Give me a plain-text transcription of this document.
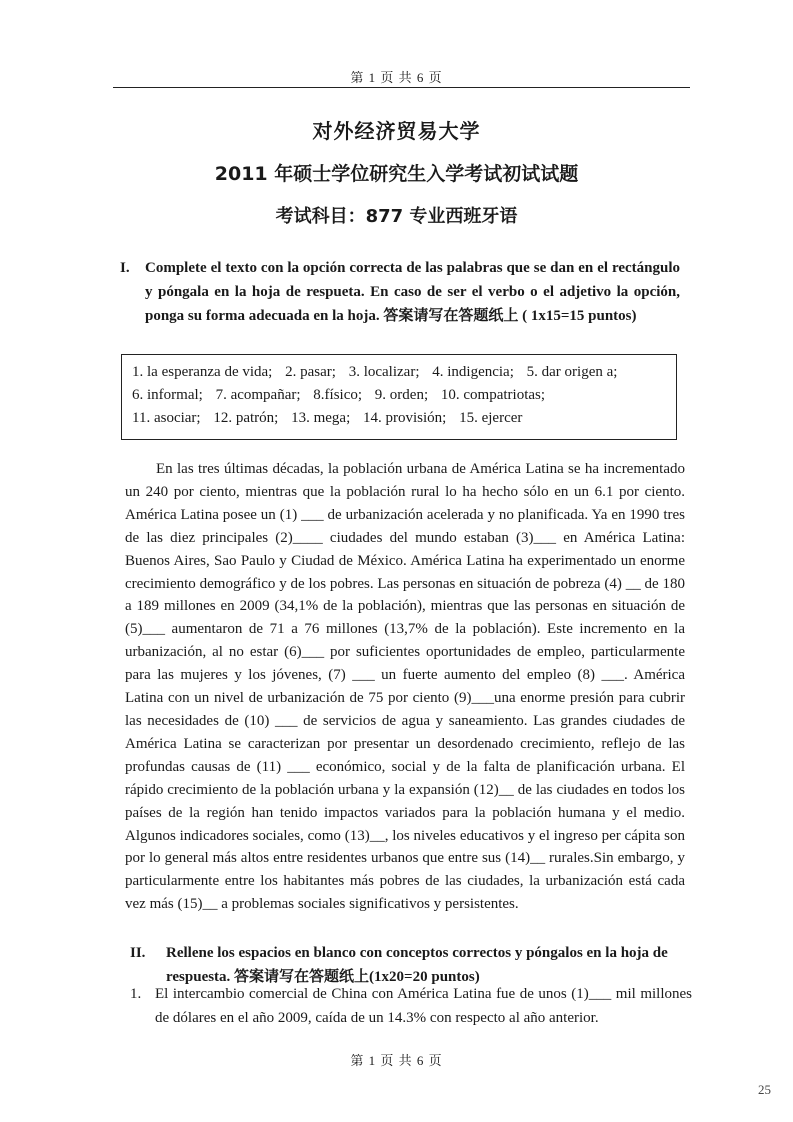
第 1 页 共 6 页
对外经济贸易大学
2011 年硕士学位研究生入学考试初试试题
考试科目：877 专业西班牙语
I. Complete el texto con la opción correcta de las palabras que se dan en el rectángulo y póngala en la hoja de respueta. En caso de ser el verbo o el adjetivo la opción, ponga su forma adecuada en la hoja. 答案请写在答题纸上 ( 1x15=15 puntos)
1. la esperanza de vida; 2. pasar; 3. localizar; 4. indigencia; 5. dar origen a;
6. informal; 7. acompañar; 8.físico; 9. orden; 10. compatriotas;
11. asociar; 12. patrón; 13. mega; 14. provisión; 15. ejercer

En las tres últimas décadas, la población urbana de América Latina se ha incrementado un 240 por ciento, mientras que la población rural lo ha hecho sólo en un 6.1 por ciento. América Latina posee un (1) ___ de urbanización acelerada y no planificada. Ya en 1990 tres de las diez principales (2)____ ciudades del mundo estaban (3)___ en América Latina: Buenos Aires, Sao Paulo y Ciudad de México. América Latina ha experimentado un enorme crecimiento demográfico y de los pobres. Las personas en situación de pobreza (4) __ de 180 a 189 millones en 2009 (34,1% de la población), mientras que las personas en situación de (5)___ aumentaron de 71 a 76 millones (13,7% de la población). Este incremento en la urbanización, al no estar (6)___ por suficientes oportunidades de empleo, particularmente para las mujeres y los jóvenes, (7) ___ un fuerte aumento del empleo (8) ___. América Latina con un nivel de urbanización de 75 por ciento (9)___una enorme presión para cubrir las necesidades de (10) ___ de servicios de agua y saneamiento. Las grandes ciudades de América Latina se caracterizan por presentar un desordenado crecimiento, reflejo de las profundas causas de (11) ___ económico, social y de la falta de planificación urbana. El rápido crecimiento de la población urbana y la expansión (12)__ de las ciudades en todos los países de la región han tenido impactos variados para la población humana y el medio. Algunos indicadores sociales, como (13)__, los niveles educativos y el ingreso per cápita son por lo general más altos entre residentes urbanos que entre sus (14)__ rurales.Sin embargo, y particularmente entre los habitantes más pobres de las ciudades, la urbanización está cada vez más (15)__ a problemas sociales significativos y persistentes.

II. Rellene los espacios en blanco con conceptos correctos y póngalos en la hoja de respuesta. 答案请写在答题纸上(1x20=20 puntos)
1. El intercambio comercial de China con América Latina fue de unos (1)___ mil millones de dólares en el año 2009, caída de un 14.3% con respecto al año anterior.
第 1 页 共 6 页
25
